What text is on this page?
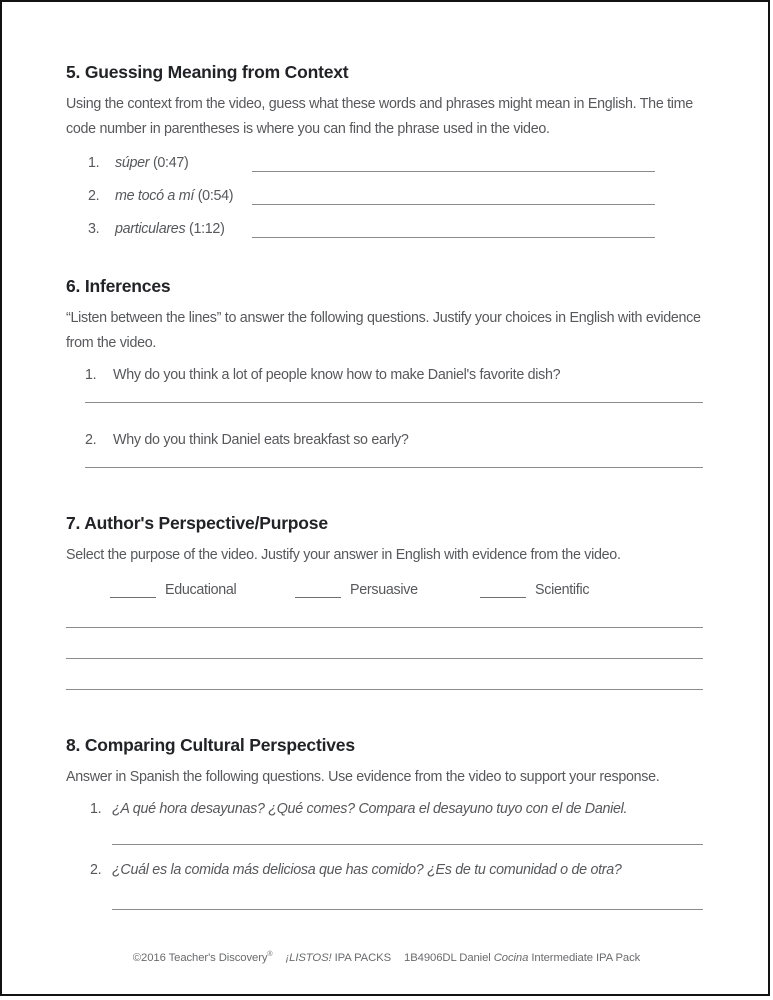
5. Guessing Meaning from Context

Using the context from the video, guess what these words and phrases might mean in English. The time code number in parentheses is where you can find the phrase used in the video.

1.	súper (0:47)
2.	me tocó a mí (0:54)
3.	particulares (1:12)
6. Inferences

“Listen between the lines” to answer the following questions. Justify your choices in English with evidence from the video.

1.	Why do you think a lot of people know how to make Daniel's favorite dish?
2.	Why do you think Daniel eats breakfast so early?
7. Author's Perspective/Purpose

Select the purpose of the video. Justify your answer in English with evidence from the video.

Educational	Persuasive	Scientific
8. Comparing Cultural Perspectives

Answer in Spanish the following questions. Use evidence from the video to support your response.

1. ¿A qué hora desayunas? ¿Qué comes? Compara el desayuno tuyo con el de Daniel.
2. ¿Cuál es la comida más deliciosa que has comido? ¿Es de tu comunidad o de otra?
©2016 Teacher's Discovery® ¡LISTOS! IPA PACKS 1B4906DL Daniel Cocina Intermediate IPA Pack
